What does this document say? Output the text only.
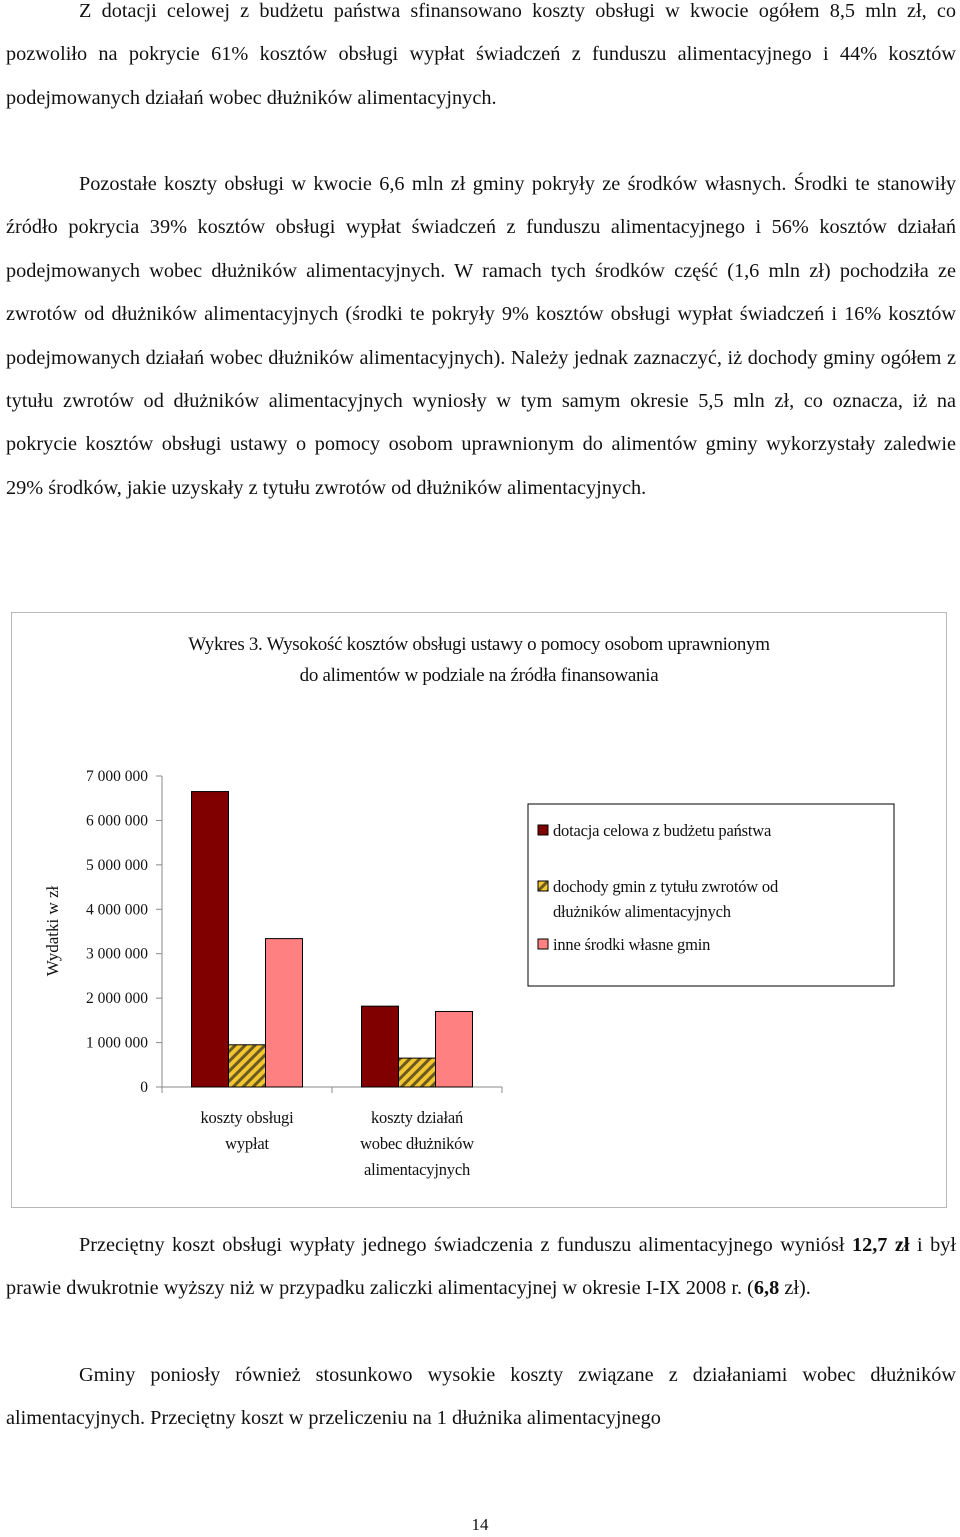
Z dotacji celowej z budżetu państwa sfinansowano koszty obsługi w kwocie ogółem 8,5 mln zł, co pozwoliło na pokrycie 61% kosztów obsługi wypłat świadczeń z funduszu alimentacyjnego i 44% kosztów podejmowanych działań wobec dłużników alimentacyjnych.

Pozostałe koszty obsługi w kwocie 6,6 mln zł gminy pokryły ze środków własnych. Środki te stanowiły źródło pokrycia 39% kosztów obsługi wypłat świadczeń z funduszu alimentacyjnego i 56% kosztów działań podejmowanych wobec dłużników alimentacyjnych. W ramach tych środków część (1,6 mln zł) pochodziła ze zwrotów od dłużników alimentacyjnych (środki te pokryły 9% kosztów obsługi wypłat świadczeń i 16% kosztów podejmowanych działań wobec dłużników alimentacyjnych). Należy jednak zaznaczyć, iż dochody gminy ogółem z tytułu zwrotów od dłużników alimentacyjnych wyniosły w tym samym okresie 5,5 mln zł, co oznacza, iż na pokrycie kosztów obsługi ustawy o pomocy osobom uprawnionym do alimentów gminy wykorzystały zaledwie 29% środków, jakie uzyskały z tytułu zwrotów od dłużników alimentacyjnych.

Wykres 3. Wysokość kosztów obsługi ustawy o pomocy osobom uprawnionym
do alimentów w podziale na źródła finansowania
Wydatki w zł
0
1 000 000
2 000 000
3 000 000
4 000 000
5 000 000
6 000 000
7 000 000
koszty obsługi
wypłat
koszty działań
wobec dłużników
alimentacyjnych
dotacja celowa z budżetu państwa
dochody gmin z tytułu zwrotów od
dłużników alimentacyjnych
inne środki własne gmin

Przeciętny koszt obsługi wypłaty jednego świadczenia z funduszu alimentacyjnego wyniósł 12,7 zł i był prawie dwukrotnie wyższy niż w przypadku zaliczki alimentacyjnej w okresie I-IX 2008 r. (6,8 zł).

Gminy poniosły również stosunkowo wysokie koszty związane z działaniami wobec dłużników alimentacyjnych. Przeciętny koszt w przeliczeniu na 1 dłużnika alimentacyjnego

14
